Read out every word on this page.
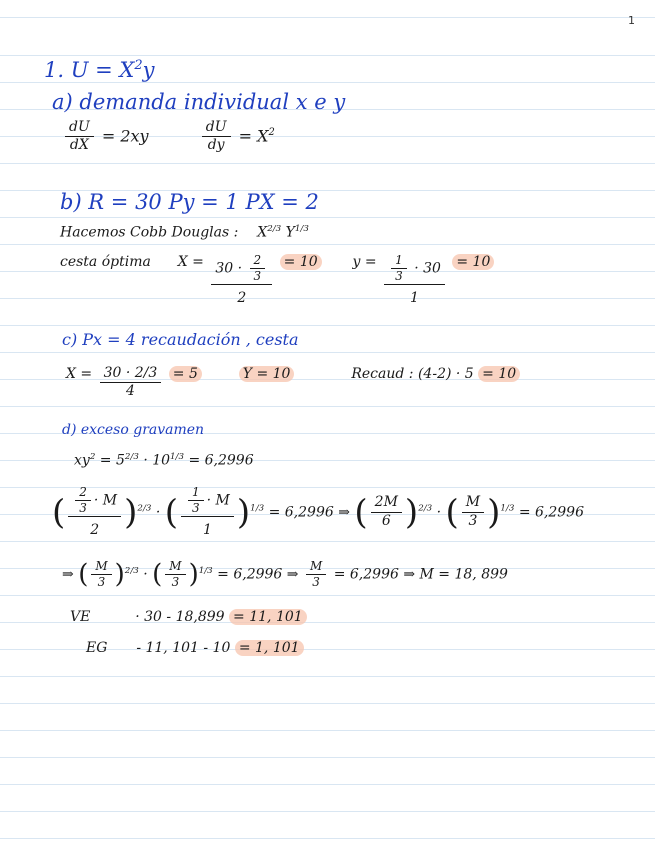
1
1. $U = X^2y$
a) demanda individual x e y
$\frac{dU}{dX} = 2xy$	$\frac{dU}{dy} = X^2$
b) R = 30 Py = 1 PX = 2
Hacemos Cobb Douglas : $X^{2/3}$ $Y^{1/3}$
cesta óptima $X = \frac{30 \cdot \frac{2}{3}}{2} = 10$ $y = \frac{\frac{1}{3} \cdot 30}{1} = 10$
c) Px = 4 recaudación , cesta
$X = \frac{30 \cdot 2/3}{4} = 5$	Y = 10	Recaud : (4-2) · 5 = 10
d) exceso gravamen
$xy^2 = 5^{2/3} \cdot 10^{1/3} = 6,2996$
( $\frac{\frac{2}{3} \cdot M}{2} )^{2/3}$ · ( $\frac{\frac{1}{3} \cdot M}{1} )^{1/3} = 6,2996$ ⇒ ( $\frac{2M}{6} )^{2/3}$ · ( $\frac{M}{3} )^{1/3} = 6,2996$
⇒ ( $\frac{M}{3} )^{2/3}$ · ( $\frac{M}{3} )^{1/3} = 6,2996$ ⇒ $\frac{M}{3} = 6,2996$ ⇒ M = 18, 899
VE	· 30 - 18,899 = 11, 101
EG - 11, 101 - 10 = 1, 101
